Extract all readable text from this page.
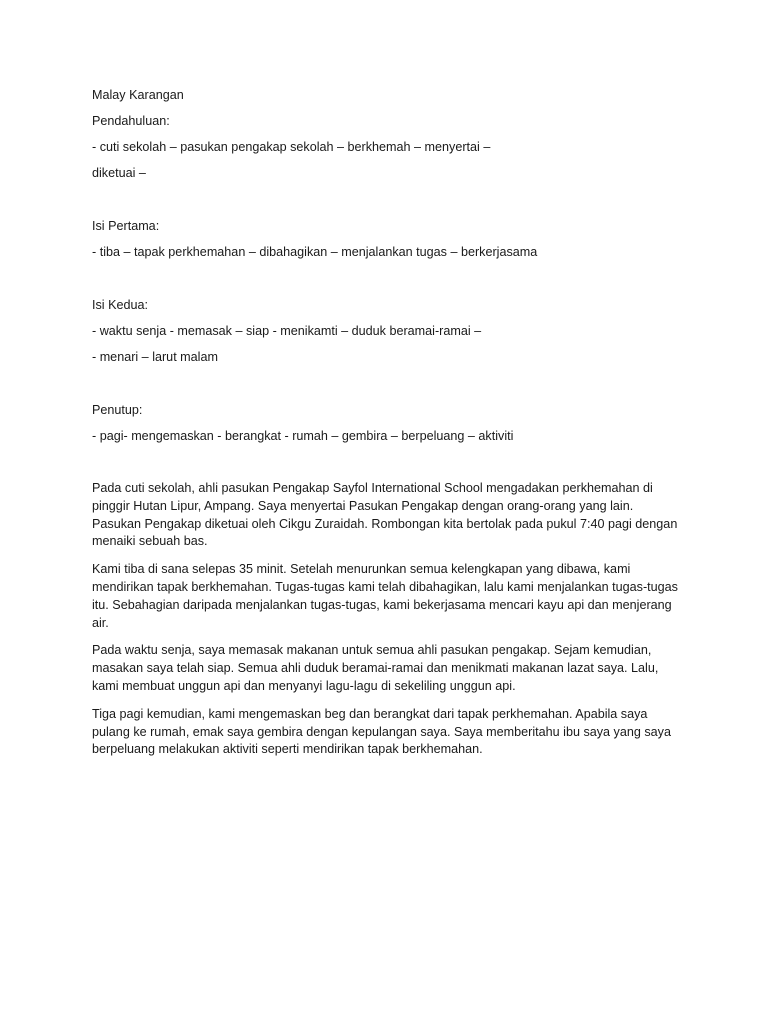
Malay Karangan

Pendahuluan:

- cuti sekolah – pasukan pengakap sekolah – berkhemah – menyertai –

diketuai –

Isi Pertama:

- tiba – tapak perkhemahan – dibahagikan – menjalankan tugas – berkerjasama

Isi Kedua:

- waktu senja - memasak – siap - menikamti – duduk beramai-ramai –

- menari – larut malam

Penutup:

- pagi- mengemaskan - berangkat - rumah – gembira – berpeluang – aktiviti

Pada cuti sekolah, ahli pasukan Pengakap Sayfol International School mengadakan perkhemahan di pinggir Hutan Lipur, Ampang. Saya menyertai Pasukan Pengakap dengan orang-orang yang lain. Pasukan Pengakap diketuai oleh Cikgu Zuraidah. Rombongan kita bertolak pada pukul 7:40 pagi dengan menaiki sebuah bas.

Kami tiba di sana selepas 35 minit. Setelah menurunkan semua kelengkapan yang dibawa, kami mendirikan tapak berkhemahan. Tugas-tugas kami telah dibahagikan, lalu kami menjalankan tugas-tugas itu. Sebahagian daripada menjalankan tugas-tugas, kami bekerjasama mencari kayu api dan menjerang air.

Pada waktu senja, saya memasak makanan untuk semua ahli pasukan pengakap. Sejam kemudian, masakan saya telah siap. Semua ahli duduk beramai-ramai dan menikmati makanan lazat saya. Lalu, kami membuat unggun api dan menyanyi lagu-lagu di sekeliling unggun api.

Tiga pagi kemudian, kami mengemaskan beg dan berangkat dari tapak perkhemahan. Apabila saya pulang ke rumah, emak saya gembira dengan kepulangan saya. Saya memberitahu ibu saya yang saya berpeluang melakukan aktiviti seperti mendirikan tapak berkhemahan.
